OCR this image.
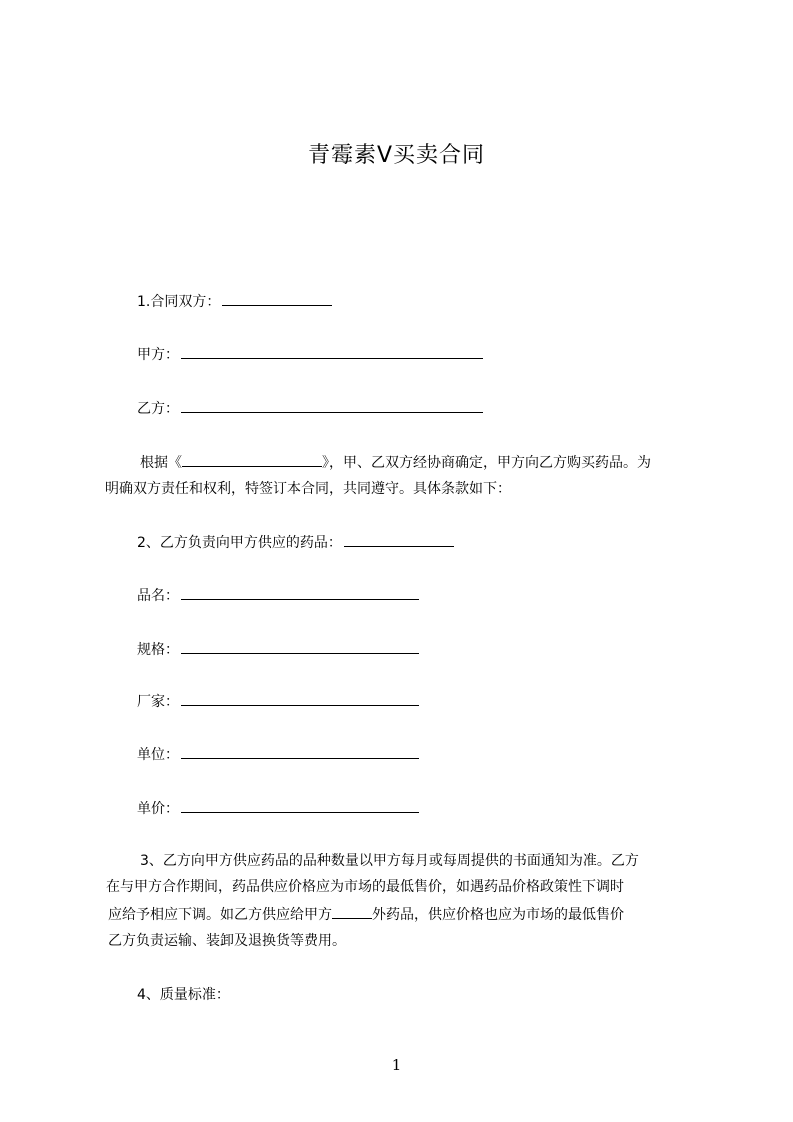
青霉素Ⅴ买卖合同
1.合同双方：
甲方：
乙方：
根据《	》，甲、乙双方经协商确定，甲方向乙方购买药品。为
明确双方责任和权利，特签订本合同，共同遵守。具体条款如下：
2、乙方负责向甲方供应的药品：
品名：
规格：
厂家：
单位：
单价：
3、乙方向甲方供应药品的品种数量以甲方每月或每周提供的书面通知为准。乙方
在与甲方合作期间，药品供应价格应为市场的最低售价，如遇药品价格政策性下调时
应给予相应下调。如乙方供应给甲方	外药品，供应价格也应为市场的最低售价
乙方负责运输、装卸及退换货等费用。
4、质量标准：
1
